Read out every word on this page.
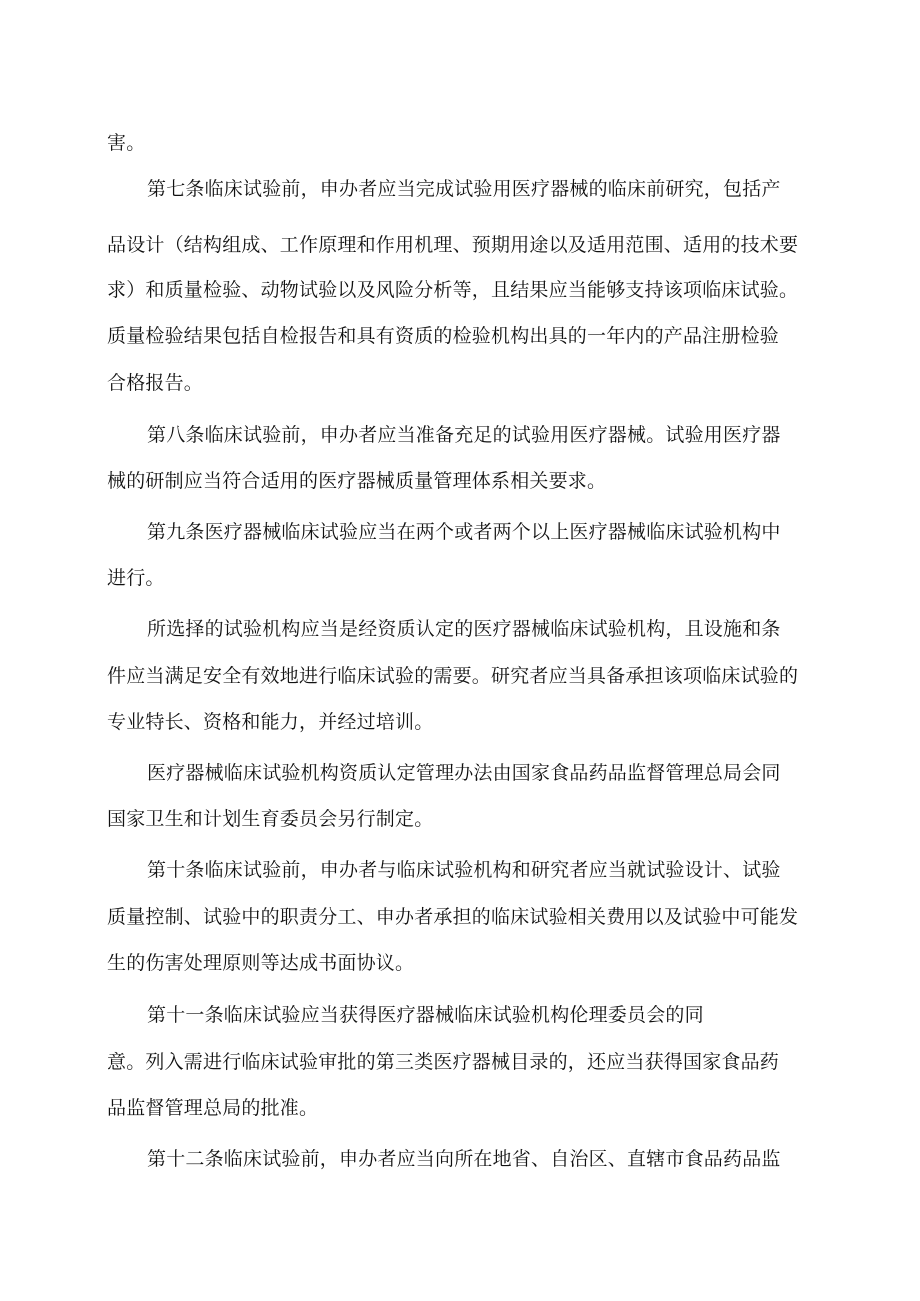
害。
第七条临床试验前，申办者应当完成试验用医疗器械的临床前研究，包括产
品设计（结构组成、工作原理和作用机理、预期用途以及适用范围、适用的技术要
求）和质量检验、动物试验以及风险分析等，且结果应当能够支持该项临床试验。
质量检验结果包括自检报告和具有资质的检验机构出具的一年内的产品注册检验
合格报告。
第八条临床试验前，申办者应当准备充足的试验用医疗器械。试验用医疗器
械的研制应当符合适用的医疗器械质量管理体系相关要求。
第九条医疗器械临床试验应当在两个或者两个以上医疗器械临床试验机构中
进行。
所选择的试验机构应当是经资质认定的医疗器械临床试验机构，且设施和条
件应当满足安全有效地进行临床试验的需要。研究者应当具备承担该项临床试验的
专业特长、资格和能力，并经过培训。
医疗器械临床试验机构资质认定管理办法由国家食品药品监督管理总局会同
国家卫生和计划生育委员会另行制定。
第十条临床试验前，申办者与临床试验机构和研究者应当就试验设计、试验
质量控制、试验中的职责分工、申办者承担的临床试验相关费用以及试验中可能发
生的伤害处理原则等达成书面协议。
第十一条临床试验应当获得医疗器械临床试验机构伦理委员会的同
意。列入需进行临床试验审批的第三类医疗器械目录的，还应当获得国家食品药
品监督管理总局的批准。
第十二条临床试验前，申办者应当向所在地省、自治区、直辖市食品药品监
